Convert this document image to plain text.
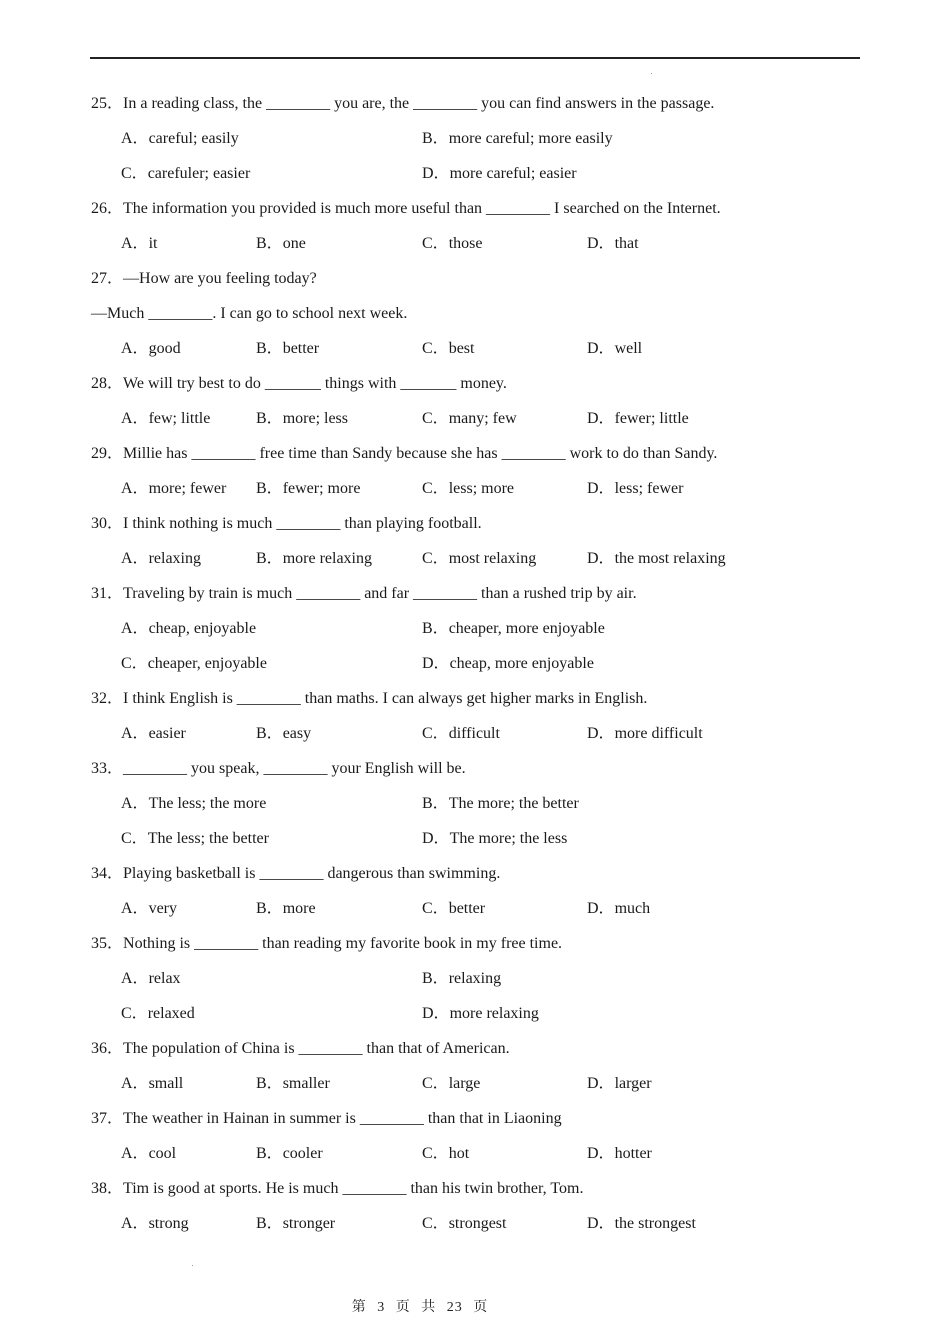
25．In a reading class, the ________ you are, the ________ you can find answers in the passage.
A．careful; easily	B．more careful; more easily
C．carefuler; easier	D．more careful; easier
26．The information you provided is much more useful than ________ I searched on the Internet.
A．it	B．one	C．those	D．that
27．—How are you feeling today?
—Much ________. I can go to school next week.
A．good	B．better	C．best	D．well
28．We will try best to do _______ things with _______ money.
A．few; little	B．more; less	C．many; few	D．fewer; little
29．Millie has ________ free time than Sandy because she has ________ work to do than Sandy.
A．more; fewer B．fewer; more	C．less; more	D．less; fewer
30．I think nothing is much ________ than playing football.
A．relaxing	B．more relaxing	C．most relaxing	D．the most relaxing
31．Traveling by train is much ________ and far ________ than a rushed trip by air.
A．cheap, enjoyable	B．cheaper, more enjoyable
C．cheaper, enjoyable	D．cheap, more enjoyable
32．I think English is ________ than maths. I can always get higher marks in English.
A．easier	B．easy	C．difficult	D．more difficult
33．________ you speak, ________ your English will be.
A．The less; the more	B．The more; the better
C．The less; the better	D．The more; the less
34．Playing basketball is ________ dangerous than swimming.
A．very	B．more	C．better	D．much
35．Nothing is ________ than reading my favorite book in my free time.
A．relax	B．relaxing
C．relaxed	D．more relaxing
36．The population of China is ________ than that of American.
A．small	B．smaller	C．large	D．larger
37．The weather in Hainan in summer is ________ than that in Liaoning
A．cool	B．cooler	C．hot	D．hotter
38．Tim is good at sports. He is much ________ than his twin brother, Tom.
A．strong	B．stronger	C．strongest	D．the strongest
第 3 页 共 23 页
